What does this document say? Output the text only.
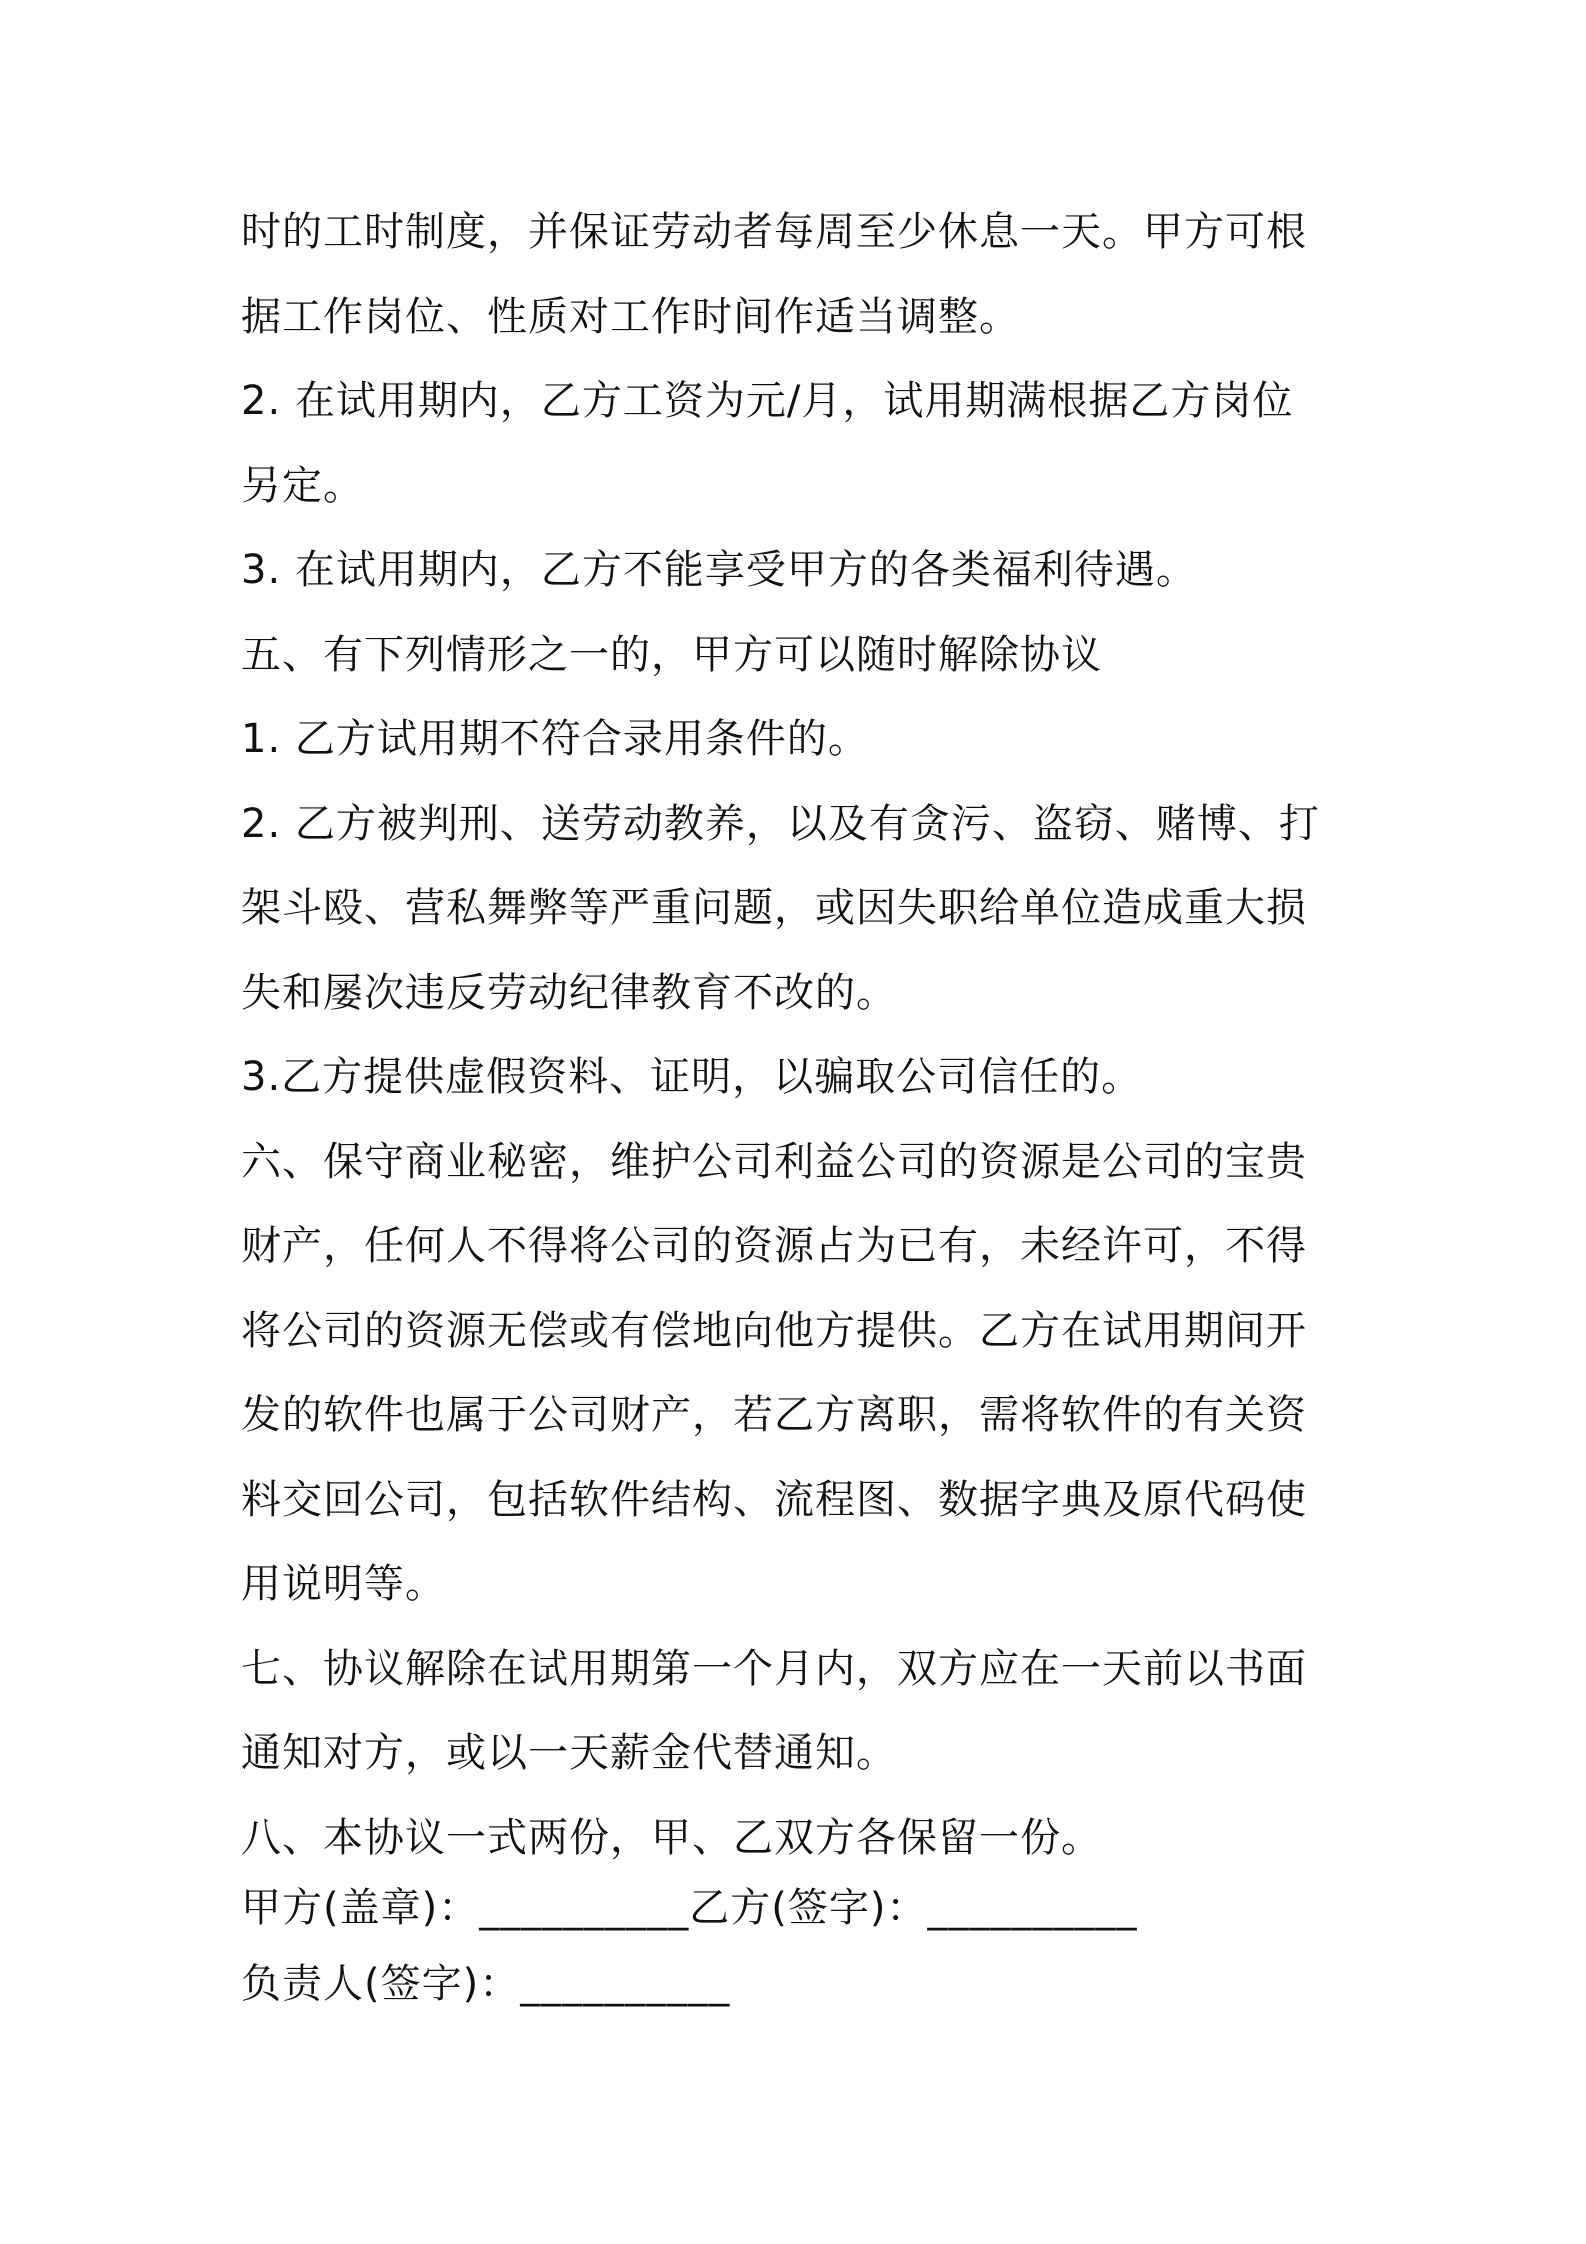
时的工时制度，并保证劳动者每周至少休息一天。甲方可根

据工作岗位、性质对工作时间作适当调整。

2. 在试用期内，乙方工资为元/月，试用期满根据乙方岗位

另定。

3. 在试用期内，乙方不能享受甲方的各类福利待遇。

五、有下列情形之一的，甲方可以随时解除协议

1. 乙方试用期不符合录用条件的。

2. 乙方被判刑、送劳动教养，以及有贪污、盗窃、赌博、打

架斗殴、营私舞弊等严重问题，或因失职给单位造成重大损

失和屡次违反劳动纪律教育不改的。

3.乙方提供虚假资料、证明，以骗取公司信任的。

六、保守商业秘密，维护公司利益公司的资源是公司的宝贵

财产，任何人不得将公司的资源占为已有，未经许可，不得

将公司的资源无偿或有偿地向他方提供。乙方在试用期间开

发的软件也属于公司财产，若乙方离职，需将软件的有关资

料交回公司，包括软件结构、流程图、数据字典及原代码使

用说明等。

七、协议解除在试用期第一个月内，双方应在一天前以书面

通知对方，或以一天薪金代替通知。

八、本协议一式两份，甲、乙双方各保留一份。

甲方(盖章)：__________乙方(签字)：__________
负责人(签字)：__________
